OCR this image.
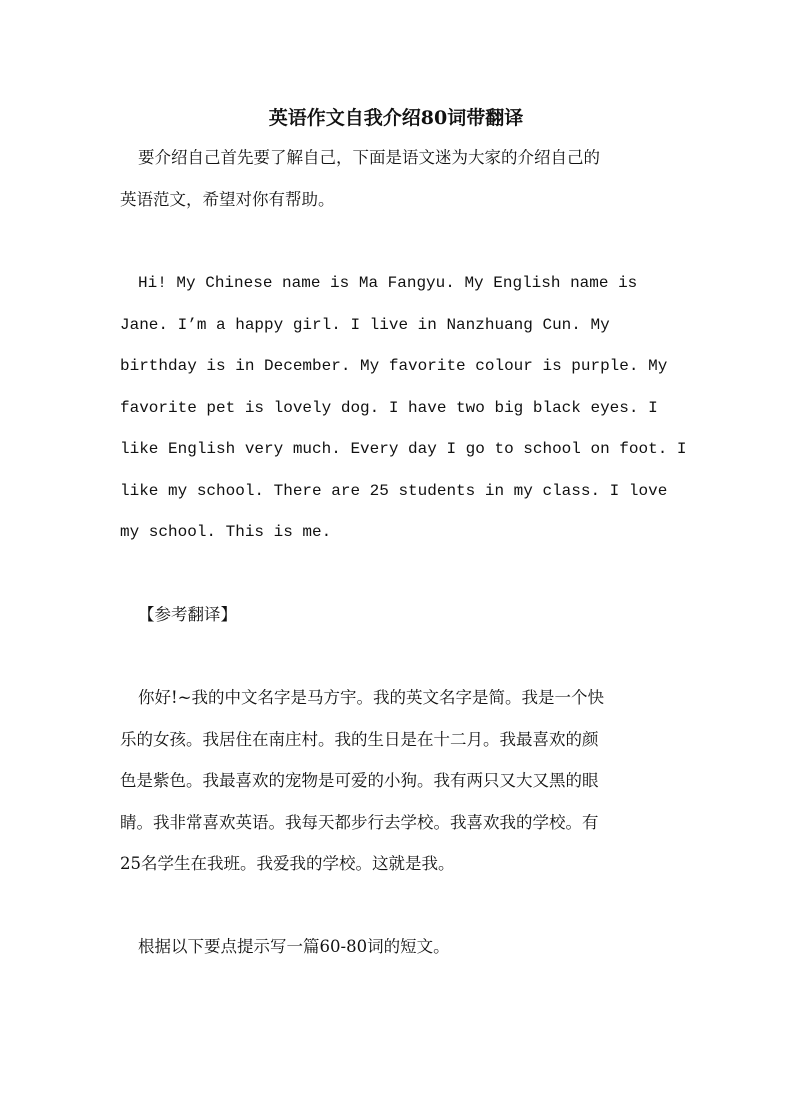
英语作文自我介绍80词带翻译
要介绍自己首先要了解自己，下面是语文迷为大家的介绍自己的
英语范文，希望对你有帮助。
Hi! My Chinese name is Ma Fangyu. My English name is
Jane. I’m a happy girl. I live in Nanzhuang Cun. My
birthday is in December. My favorite colour is purple. My
favorite pet is lovely dog. I have two big black eyes. I
like English very much. Every day I go to school on foot. I
like my school. There are 25 students in my class. I love
my school. This is me.
【参考翻译】
你好!~我的中文名字是马方宇。我的英文名字是简。我是一个快
乐的女孩。我居住在南庄村。我的生日是在十二月。我最喜欢的颜
色是紫色。我最喜欢的宠物是可爱的小狗。我有两只又大又黑的眼
睛。我非常喜欢英语。我每天都步行去学校。我喜欢我的学校。有
25名学生在我班。我爱我的学校。这就是我。
根据以下要点提示写一篇60-80词的短文。
